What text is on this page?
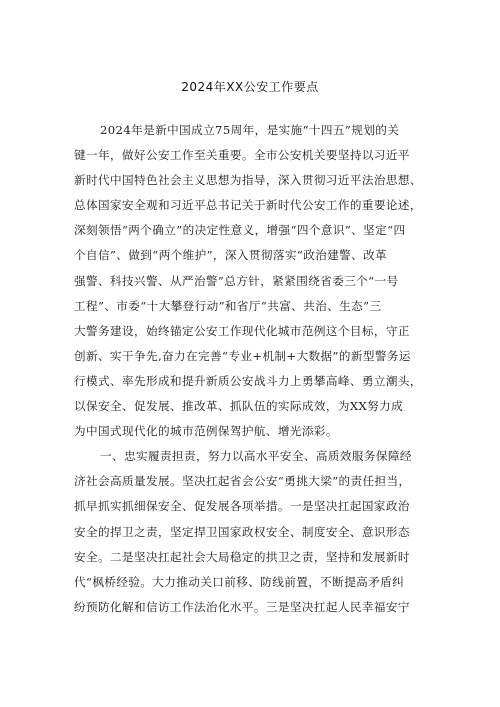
2024年XX公安工作要点
2024年是新中国成立75周年，是实施“十四五”规划的关
键一年，做好公安工作至关重要。全市公安机关要坚持以习近平
新时代中国特色社会主义思想为指导，深入贯彻习近平法治思想、
总体国家安全观和习近平总书记关于新时代公安工作的重要论述，
深刻领悟“两个确立”的决定性意义，增强“四个意识”、坚定“四
个自信”、做到“两个维护”，深入贯彻落实“政治建警、改革
强警、科技兴警、从严治警”总方针，紧紧围绕省委三个“一号
工程”、市委“十大攀登行动”和省厅“共富、共治、生态”三
大警务建设，始终锚定公安工作现代化城市范例这个目标，守正
创新、实干争先,奋力在完善“专业+机制+大数据”的新型警务运
行模式、率先形成和提升新质公安战斗力上勇攀高峰、勇立潮头，
以保安全、促发展、推改革、抓队伍的实际成效，为XX努力成
为中国式现代化的城市范例保驾护航、增光添彩。
一、忠实履责担责，努力以高水平安全、高质效服务保障经
济社会高质量发展。坚决扛起省会公安“勇挑大梁”的责任担当，
抓早抓实抓细保安全、促发展各项举措。一是坚决扛起国家政治
安全的捍卫之责，坚定捍卫国家政权安全、制度安全、意识形态
安全。二是坚决扛起社会大局稳定的拱卫之责，坚持和发展新时
代“枫桥经验。大力推动关口前移、防线前置，不断提高矛盾纠
纷预防化解和信访工作法治化水平。三是坚决扛起人民幸福安宁
